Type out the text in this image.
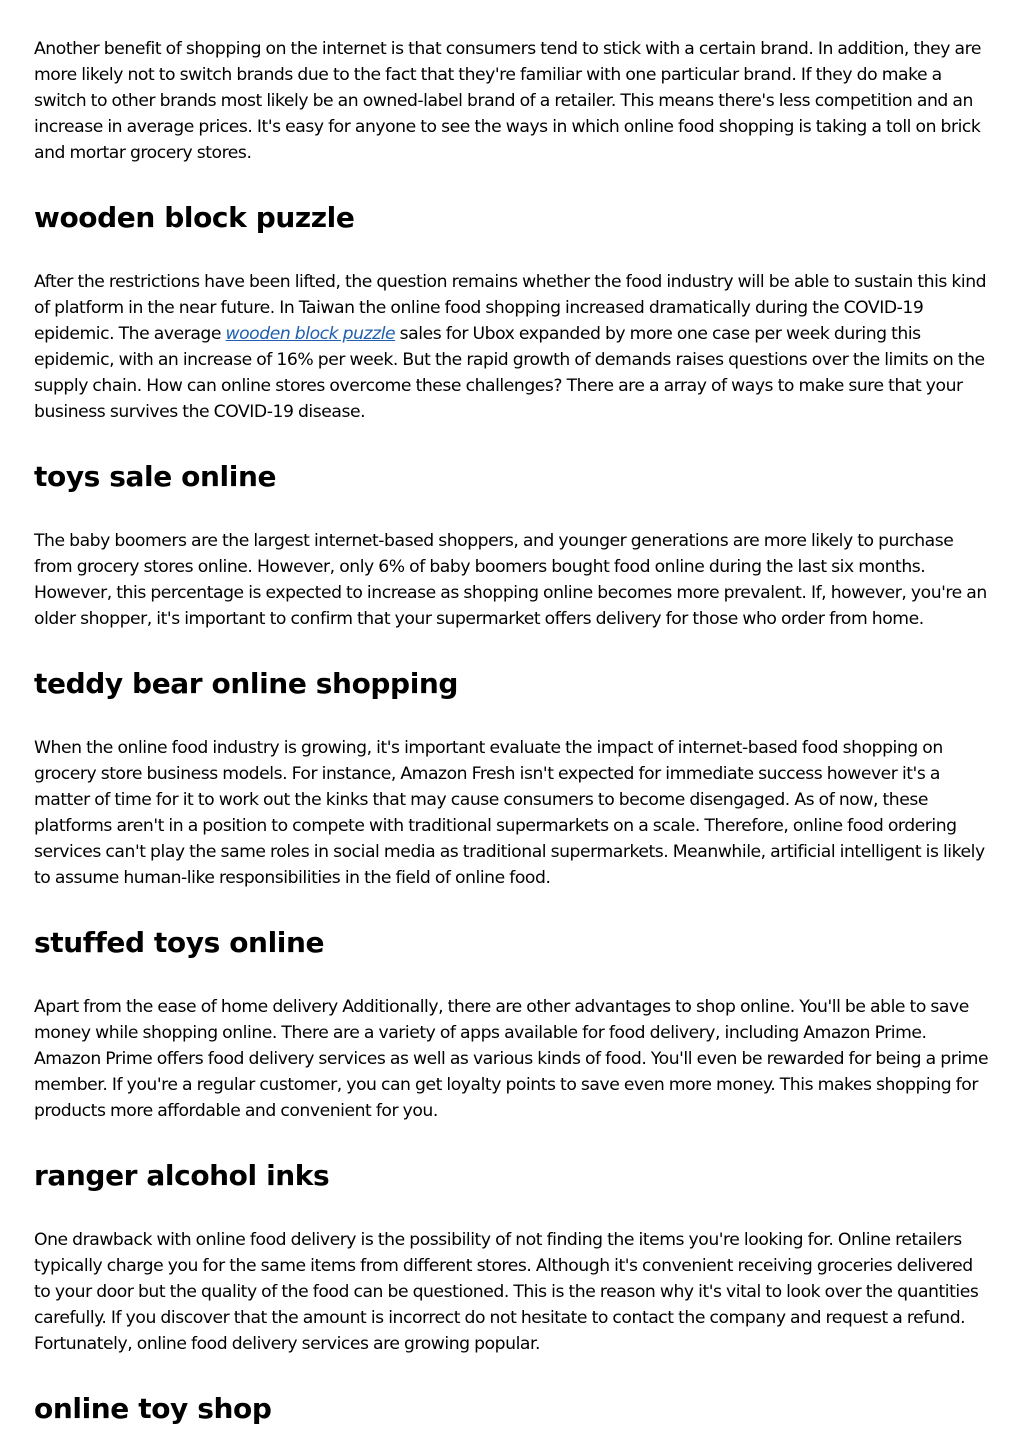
Another benefit of shopping on the internet is that consumers tend to stick with a certain brand. In addition, they are more likely not to switch brands due to the fact that they're familiar with one particular brand. If they do make a switch to other brands most likely be an owned-label brand of a retailer. This means there's less competition and an increase in average prices. It's easy for anyone to see the ways in which online food shopping is taking a toll on brick and mortar grocery stores.

wooden block puzzle

After the restrictions have been lifted, the question remains whether the food industry will be able to sustain this kind of platform in the near future. In Taiwan the online food shopping increased dramatically during the COVID-19 epidemic. The average wooden block puzzle sales for Ubox expanded by more one case per week during this epidemic, with an increase of 16% per week. But the rapid growth of demands raises questions over the limits on the supply chain. How can online stores overcome these challenges? There are a array of ways to make sure that your business survives the COVID-19 disease.

toys sale online

The baby boomers are the largest internet-based shoppers, and younger generations are more likely to purchase from grocery stores online. However, only 6% of baby boomers bought food online during the last six months. However, this percentage is expected to increase as shopping online becomes more prevalent. If, however, you're an older shopper, it's important to confirm that your supermarket offers delivery for those who order from home.

teddy bear online shopping

When the online food industry is growing, it's important evaluate the impact of internet-based food shopping on grocery store business models. For instance, Amazon Fresh isn't expected for immediate success however it's a matter of time for it to work out the kinks that may cause consumers to become disengaged. As of now, these platforms aren't in a position to compete with traditional supermarkets on a scale. Therefore, online food ordering services can't play the same roles in social media as traditional supermarkets. Meanwhile, artificial intelligent is likely to assume human-like responsibilities in the field of online food.

stuffed toys online

Apart from the ease of home delivery Additionally, there are other advantages to shop online. You'll be able to save money while shopping online. There are a variety of apps available for food delivery, including Amazon Prime. Amazon Prime offers food delivery services as well as various kinds of food. You'll even be rewarded for being a prime member. If you're a regular customer, you can get loyalty points to save even more money. This makes shopping for products more affordable and convenient for you.

ranger alcohol inks

One drawback with online food delivery is the possibility of not finding the items you're looking for. Online retailers typically charge you for the same items from different stores. Although it's convenient receiving groceries delivered to your door but the quality of the food can be questioned. This is the reason why it's vital to look over the quantities carefully. If you discover that the amount is incorrect do not hesitate to contact the company and request a refund. Fortunately, online food delivery services are growing popular.

online toy shop
